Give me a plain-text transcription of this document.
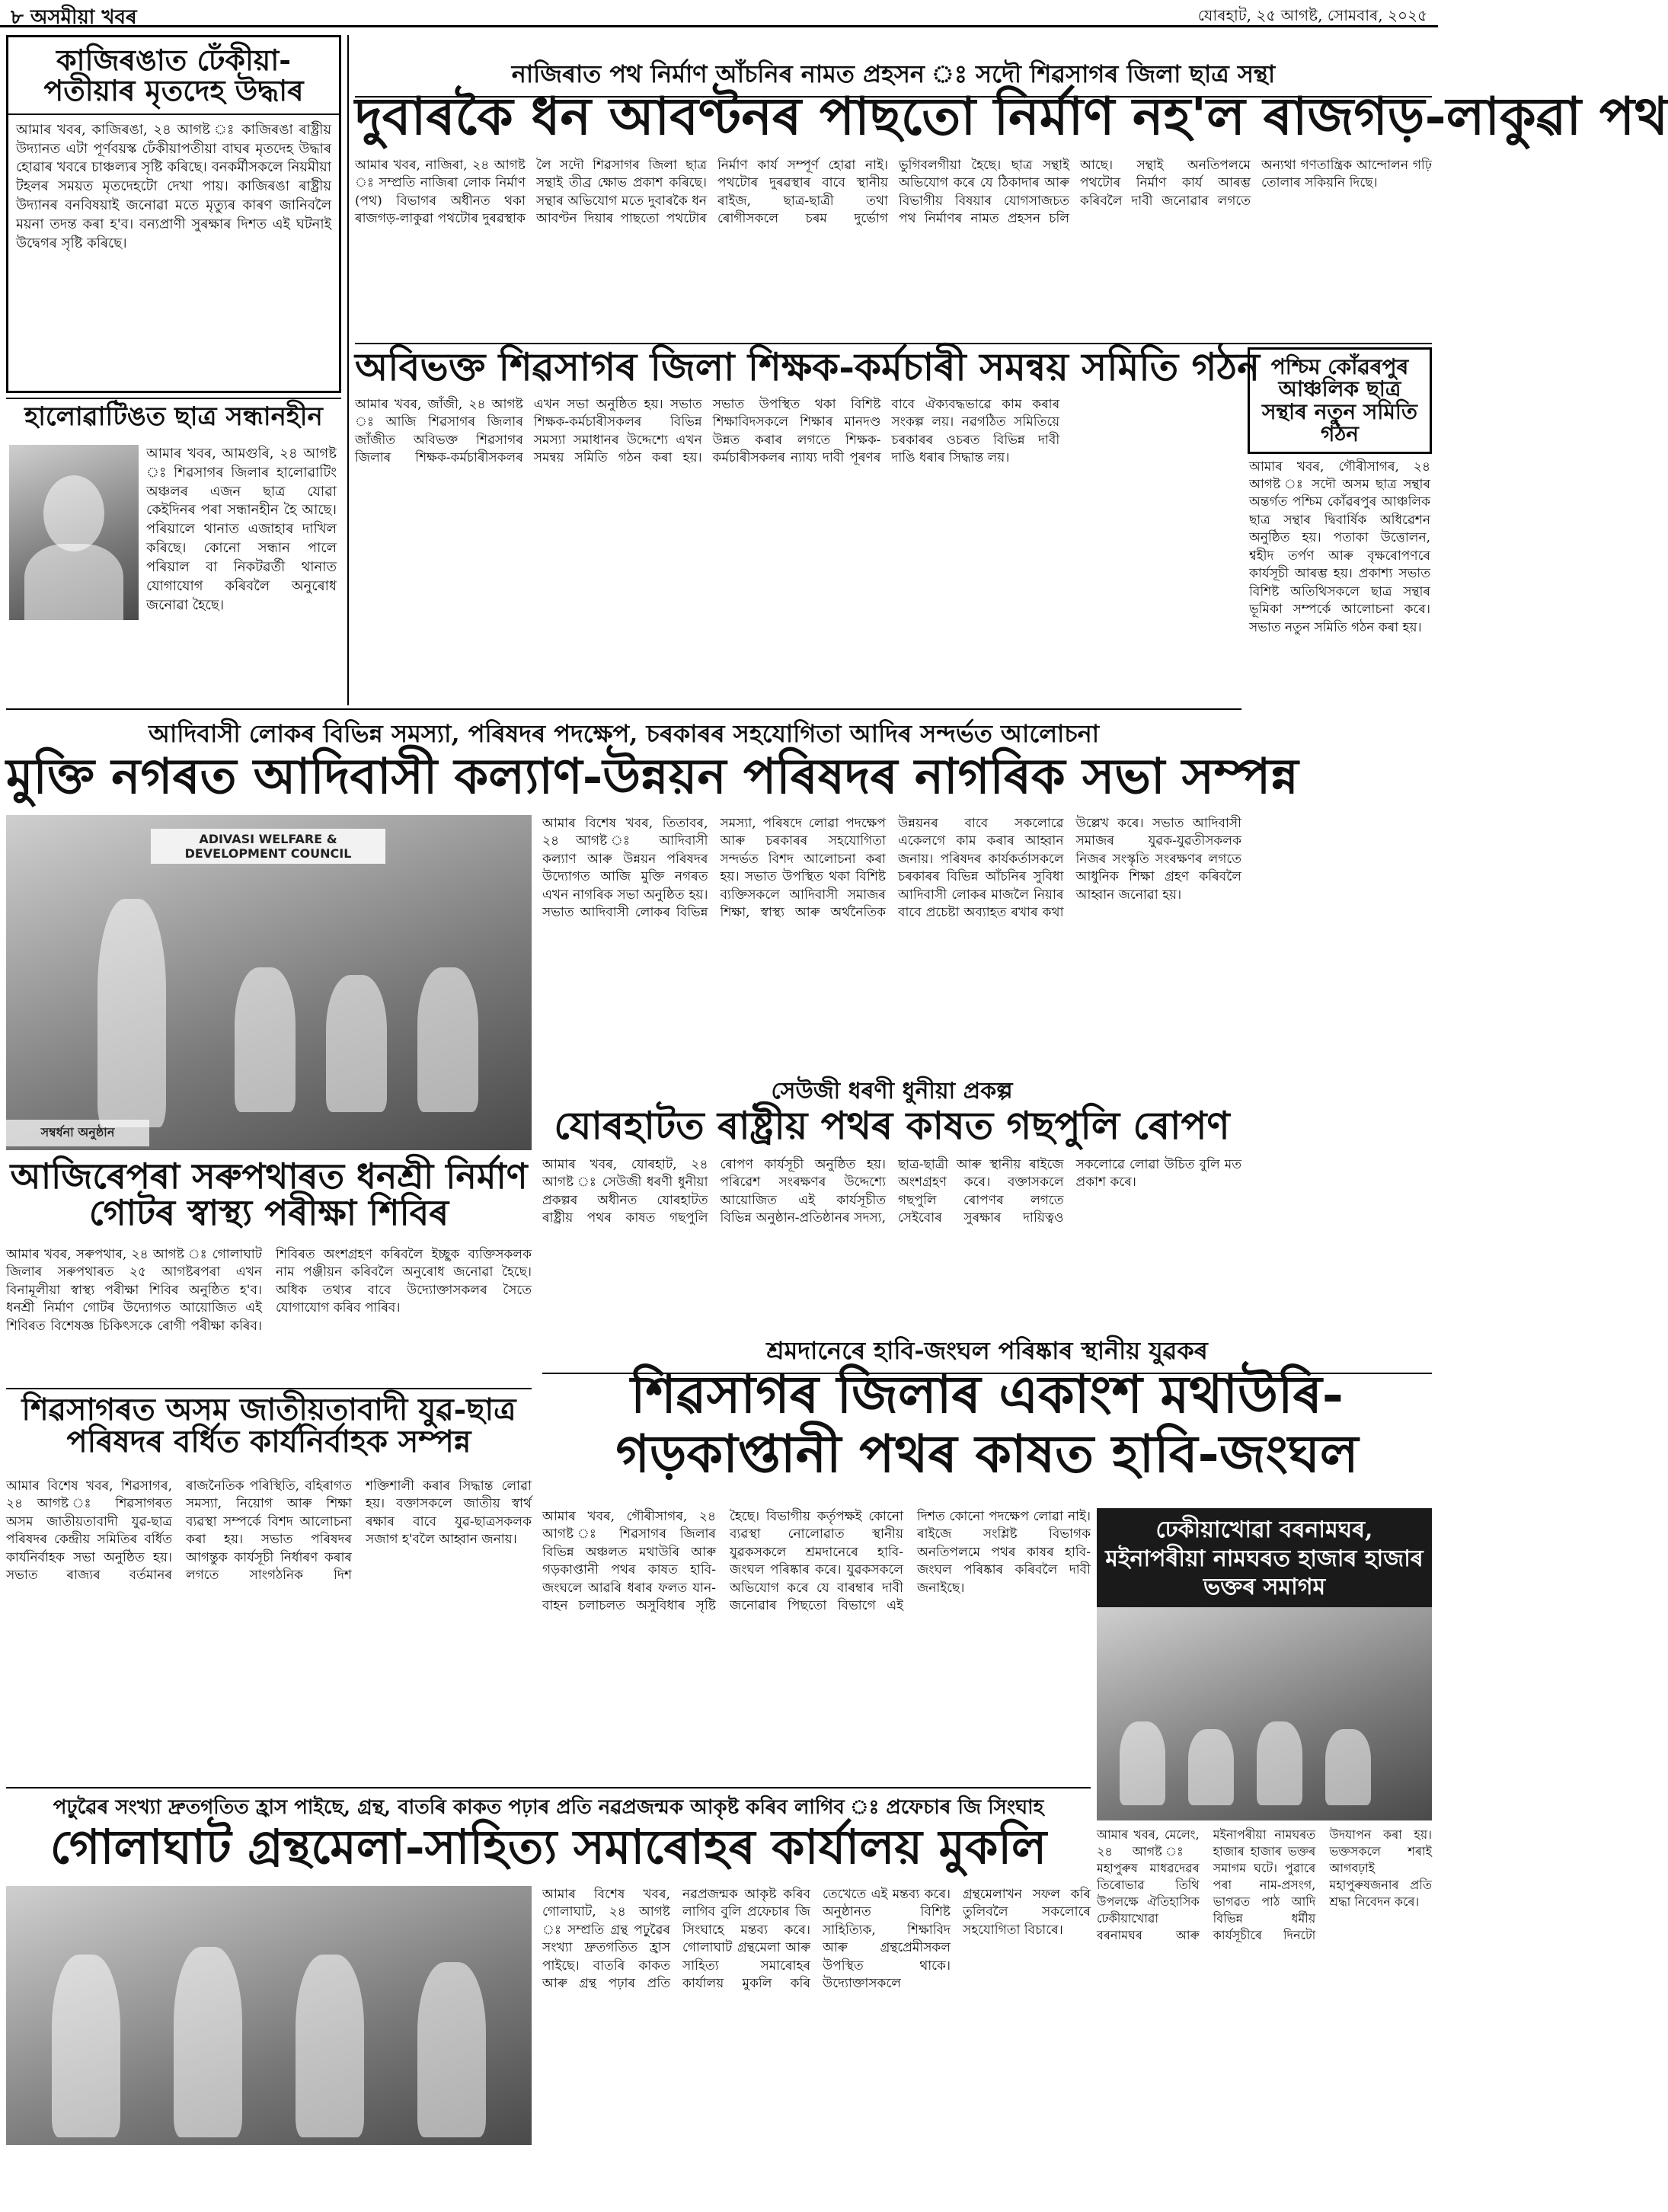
৮ অসমীয়া খবৰ	যোৰহাট, ২৫ আগষ্ট, সোমবাৰ, ২০২৫
কাজিৰঙাত ঢেঁকীয়া-পতীয়াৰ মৃতদেহ উদ্ধাৰ
আমাৰ খবৰ, কাজিৰঙা, ২৪ আগষ্ট ঃ কাজিৰঙা ৰাষ্ট্ৰীয় উদ্যানত এটা পূৰ্ণবয়স্ক ঢেঁকীয়াপতীয়া বাঘৰ মৃতদেহ উদ্ধাৰ হোৱাৰ খবৰে চাঞ্চল্যৰ সৃষ্টি কৰিছে। বনকৰ্মীসকলে নিয়মীয়া টহলৰ সময়ত মৃতদেহটো দেখা পায়। কাজিৰঙা ৰাষ্ট্ৰীয় উদ্যানৰ বনবিষয়াই জনোৱা মতে মৃত্যুৰ কাৰণ জানিবলৈ ময়না তদন্ত কৰা হ'ব। বন্যপ্ৰাণী সুৰক্ষাৰ দিশত এই ঘটনাই উদ্বেগৰ সৃষ্টি কৰিছে।
হালোৱাটিঙত ছাত্ৰ সন্ধানহীন
আমাৰ খবৰ, আমগুৰি, ২৪ আগষ্ট ঃ শিৱসাগৰ জিলাৰ হালোৱাটিং অঞ্চলৰ এজন ছাত্ৰ যোৱা কেইদিনৰ পৰা সন্ধানহীন হৈ আছে। পৰিয়ালে থানাত এজাহাৰ দাখিল কৰিছে। কোনো সন্ধান পালে পৰিয়াল বা নিকটৱৰ্তী থানাত যোগাযোগ কৰিবলৈ অনুৰোধ জনোৱা হৈছে।
নাজিৰাত পথ নিৰ্মাণ আঁচনিৰ নামত প্ৰহসন ঃ সদৌ শিৱসাগৰ জিলা ছাত্ৰ সন্থা
দুবাৰকৈ ধন আবণ্টনৰ পাছতো নিৰ্মাণ নহ'ল ৰাজগড়-লাকুৱা পথ
আমাৰ খবৰ, নাজিৰা, ২৪ আগষ্ট ঃ সম্প্ৰতি নাজিৰা লোক নিৰ্মাণ (পথ) বিভাগৰ অধীনত থকা ৰাজগড়-লাকুৱা পথটোৰ দুৰৱস্থাক লৈ সদৌ শিৱসাগৰ জিলা ছাত্ৰ সন্থাই তীব্ৰ ক্ষোভ প্ৰকাশ কৰিছে। সন্থাৰ অভিযোগ মতে দুবাৰকৈ ধন আবণ্টন দিয়াৰ পাছতো পথটোৰ নিৰ্মাণ কাৰ্য সম্পূৰ্ণ হোৱা নাই। পথটোৰ দুৰৱস্থাৰ বাবে স্থানীয় ৰাইজ, ছাত্ৰ-ছাত্ৰী তথা ৰোগীসকলে চৰম দুৰ্ভোগ ভুগিবলগীয়া হৈছে। ছাত্ৰ সন্থাই অভিযোগ কৰে যে ঠিকাদাৰ আৰু বিভাগীয় বিষয়াৰ যোগসাজচত পথ নিৰ্মাণৰ নামত প্ৰহসন চলি আছে। সন্থাই অনতিপলমে পথটোৰ নিৰ্মাণ কাৰ্য আৰম্ভ কৰিবলৈ দাবী জনোৱাৰ লগতে অন্যথা গণতান্ত্ৰিক আন্দোলন গঢ়ি তোলাৰ সকিয়নি দিছে।
অবিভক্ত শিৱসাগৰ জিলা শিক্ষক-কৰ্মচাৰী সমন্বয় সমিতি গঠন
আমাৰ খবৰ, জাঁজী, ২৪ আগষ্ট ঃ আজি শিৱসাগৰ জিলাৰ জাঁজীত অবিভক্ত শিৱসাগৰ জিলাৰ শিক্ষক-কৰ্মচাৰীসকলৰ এখন সভা অনুষ্ঠিত হয়। সভাত শিক্ষক-কৰ্মচাৰীসকলৰ বিভিন্ন সমস্যা সমাধানৰ উদ্দেশ্যে এখন সমন্বয় সমিতি গঠন কৰা হয়। সভাত উপস্থিত থকা বিশিষ্ট শিক্ষাবিদসকলে শিক্ষাৰ মানদণ্ড উন্নত কৰাৰ লগতে শিক্ষক-কৰ্মচাৰীসকলৰ ন্যায্য দাবী পূৰণৰ বাবে ঐক্যবদ্ধভাৱে কাম কৰাৰ সংকল্প লয়। নৱগঠিত সমিতিয়ে চৰকাৰৰ ওচৰত বিভিন্ন দাবী দাঙি ধৰাৰ সিদ্ধান্ত লয়।
পশ্চিম কোঁৱৰপুৰ আঞ্চলিক ছাত্ৰ সন্থাৰ নতুন সমিতি গঠন
আমাৰ খবৰ, গৌৰীসাগৰ, ২৪ আগষ্ট ঃ সদৌ অসম ছাত্ৰ সন্থাৰ অন্তৰ্গত পশ্চিম কোঁৱৰপুৰ আঞ্চলিক ছাত্ৰ সন্থাৰ দ্বিবাৰ্ষিক অধিৱেশন অনুষ্ঠিত হয়। পতাকা উত্তোলন, শ্বহীদ তৰ্পণ আৰু বৃক্ষৰোপণৰে কাৰ্যসূচী আৰম্ভ হয়। প্ৰকাশ্য সভাত বিশিষ্ট অতিথিসকলে ছাত্ৰ সন্থাৰ ভূমিকা সম্পৰ্কে আলোচনা কৰে। সভাত নতুন সমিতি গঠন কৰা হয়।
আদিবাসী লোকৰ বিভিন্ন সমস্যা, পৰিষদৰ পদক্ষেপ, চৰকাৰৰ সহযোগিতা আদিৰ সন্দৰ্ভত আলোচনা
মুক্তি নগৰত আদিবাসী কল্যাণ-উন্নয়ন পৰিষদৰ নাগৰিক সভা সম্পন্ন
ADIVASI WELFARE & DEVELOPMENT COUNCIL
সম্বৰ্ধনা অনুষ্ঠান
আমাৰ বিশেষ খবৰ, তিতাবৰ, ২৪ আগষ্ট ঃ আদিবাসী কল্যাণ আৰু উন্নয়ন পৰিষদৰ উদ্যোগত আজি মুক্তি নগৰত এখন নাগৰিক সভা অনুষ্ঠিত হয়। সভাত আদিবাসী লোকৰ বিভিন্ন সমস্যা, পৰিষদে লোৱা পদক্ষেপ আৰু চৰকাৰৰ সহযোগিতা সন্দৰ্ভত বিশদ আলোচনা কৰা হয়। সভাত উপস্থিত থকা বিশিষ্ট ব্যক্তিসকলে আদিবাসী সমাজৰ শিক্ষা, স্বাস্থ্য আৰু অৰ্থনৈতিক উন্নয়নৰ বাবে সকলোৱে একেলগে কাম কৰাৰ আহ্বান জনায়। পৰিষদৰ কাৰ্যকৰ্তাসকলে চৰকাৰৰ বিভিন্ন আঁচনিৰ সুবিধা আদিবাসী লোকৰ মাজলৈ নিয়াৰ বাবে প্ৰচেষ্টা অব্যাহত ৰখাৰ কথা উল্লেখ কৰে। সভাত আদিবাসী সমাজৰ যুৱক-যুৱতীসকলক নিজৰ সংস্কৃতি সংৰক্ষণৰ লগতে আধুনিক শিক্ষা গ্ৰহণ কৰিবলৈ আহ্বান জনোৱা হয়।
সেউজী ধৰণী ধুনীয়া প্ৰকল্প
যোৰহাটত ৰাষ্ট্ৰীয় পথৰ কাষত গছপুলি ৰোপণ
আমাৰ খবৰ, যোৰহাট, ২৪ আগষ্ট ঃ সেউজী ধৰণী ধুনীয়া প্ৰকল্পৰ অধীনত যোৰহাটত ৰাষ্ট্ৰীয় পথৰ কাষত গছপুলি ৰোপণ কাৰ্যসূচী অনুষ্ঠিত হয়। পৰিৱেশ সংৰক্ষণৰ উদ্দেশ্যে আয়োজিত এই কাৰ্যসূচীত বিভিন্ন অনুষ্ঠান-প্ৰতিষ্ঠানৰ সদস্য, ছাত্ৰ-ছাত্ৰী আৰু স্থানীয় ৰাইজে অংশগ্ৰহণ কৰে। বক্তাসকলে গছপুলি ৰোপণৰ লগতে সেইবোৰ সুৰক্ষাৰ দায়িত্বও সকলোৱে লোৱা উচিত বুলি মত প্ৰকাশ কৰে।
আজিৰেপৰা সৰুপথাৰত ধনশ্ৰী নিৰ্মাণ গোটৰ স্বাস্থ্য পৰীক্ষা শিবিৰ
আমাৰ খবৰ, সৰুপথাৰ, ২৪ আগষ্ট ঃ গোলাঘাট জিলাৰ সৰুপথাৰত ২৫ আগষ্টৰপৰা এখন বিনামূলীয়া স্বাস্থ্য পৰীক্ষা শিবিৰ অনুষ্ঠিত হ'ব। ধনশ্ৰী নিৰ্মাণ গোটৰ উদ্যোগত আয়োজিত এই শিবিৰত বিশেষজ্ঞ চিকিৎসকে ৰোগী পৰীক্ষা কৰিব। শিবিৰত অংশগ্ৰহণ কৰিবলৈ ইচ্ছুক ব্যক্তিসকলক নাম পঞ্জীয়ন কৰিবলৈ অনুৰোধ জনোৱা হৈছে। অধিক তথ্যৰ বাবে উদ্যোক্তাসকলৰ সৈতে যোগাযোগ কৰিব পাৰিব।
শিৱসাগৰত অসম জাতীয়তাবাদী যুৱ-ছাত্ৰ পৰিষদৰ বৰ্ধিত কাৰ্যনিৰ্বাহক সম্পন্ন
আমাৰ বিশেষ খবৰ, শিৱসাগৰ, ২৪ আগষ্ট ঃ শিৱসাগৰত অসম জাতীয়তাবাদী যুৱ-ছাত্ৰ পৰিষদৰ কেন্দ্ৰীয় সমিতিৰ বৰ্ধিত কাৰ্যনিৰ্বাহক সভা অনুষ্ঠিত হয়। সভাত ৰাজ্যৰ বৰ্তমানৰ ৰাজনৈতিক পৰিস্থিতি, বহিৰাগত সমস্যা, নিয়োগ আৰু শিক্ষা ব্যৱস্থা সম্পৰ্কে বিশদ আলোচনা কৰা হয়। সভাত পৰিষদৰ আগন্তুক কাৰ্যসূচী নিৰ্ধাৰণ কৰাৰ লগতে সাংগঠনিক দিশ শক্তিশালী কৰাৰ সিদ্ধান্ত লোৱা হয়। বক্তাসকলে জাতীয় স্বাৰ্থ ৰক্ষাৰ বাবে যুৱ-ছাত্ৰসকলক সজাগ হ'বলৈ আহ্বান জনায়।
শ্ৰমদানেৰে হাবি-জংঘল পৰিষ্কাৰ স্থানীয় যুৱকৰ
শিৱসাগৰ জিলাৰ একাংশ মথাউৰি-
গড়কাপ্তানী পথৰ কাষত হাবি-জংঘল
আমাৰ খবৰ, গৌৰীসাগৰ, ২৪ আগষ্ট ঃ শিৱসাগৰ জিলাৰ বিভিন্ন অঞ্চলত মথাউৰি আৰু গড়কাপ্তানী পথৰ কাষত হাবি-জংঘলে আৱৰি ধৰাৰ ফলত যান-বাহন চলাচলত অসুবিধাৰ সৃষ্টি হৈছে। বিভাগীয় কৰ্তৃপক্ষই কোনো ব্যৱস্থা নোলোৱাত স্থানীয় যুৱকসকলে শ্ৰমদানেৰে হাবি-জংঘল পৰিষ্কাৰ কৰে। যুৱকসকলে অভিযোগ কৰে যে বাৰম্বাৰ দাবী জনোৱাৰ পিছতো বিভাগে এই দিশত কোনো পদক্ষেপ লোৱা নাই। ৰাইজে সংশ্লিষ্ট বিভাগক অনতিপলমে পথৰ কাষৰ হাবি-জংঘল পৰিষ্কাৰ কৰিবলৈ দাবী জনাইছে।
ঢেকীয়াখোৱা বৰনামঘৰ, মইনাপৰীয়া নামঘৰত হাজাৰ হাজাৰ ভক্তৰ সমাগম
আমাৰ খবৰ, মেলেং, ২৪ আগষ্ট ঃ মহাপুৰুষ মাধৱদেৱৰ তিৰোভাৱ তিথি উপলক্ষে ঐতিহাসিক ঢেকীয়াখোৱা বৰনামঘৰ আৰু মইনাপৰীয়া নামঘৰত হাজাৰ হাজাৰ ভক্তৰ সমাগম ঘটে। পুৱাৰে পৰা নাম-প্ৰসংগ, ভাগৱত পাঠ আদি বিভিন্ন ধৰ্মীয় কাৰ্যসূচীৰে দিনটো উদযাপন কৰা হয়। ভক্তসকলে শৰাই আগবঢ়াই মহাপুৰুষজনাৰ প্ৰতি শ্ৰদ্ধা নিবেদন কৰে।
পঢ়ুৱৈৰ সংখ্যা দ্ৰুতগতিত হ্ৰাস পাইছে, গ্ৰন্থ, বাতৰি কাকত পঢ়াৰ প্ৰতি নৱপ্ৰজন্মক আকৃষ্ট কৰিব লাগিব ঃ প্ৰফেচাৰ জি সিংঘাহ
গোলাঘাট গ্ৰন্থমেলা-সাহিত্য সমাৰোহৰ কাৰ্যালয় মুকলি
আমাৰ বিশেষ খবৰ, গোলাঘাট, ২৪ আগষ্ট ঃ সম্প্ৰতি গ্ৰন্থ পঢ়ুৱৈৰ সংখ্যা দ্ৰুতগতিত হ্ৰাস পাইছে। বাতৰি কাকত আৰু গ্ৰন্থ পঢ়াৰ প্ৰতি নৱপ্ৰজন্মক আকৃষ্ট কৰিব লাগিব বুলি প্ৰফেচাৰ জি সিংঘাহে মন্তব্য কৰে। গোলাঘাট গ্ৰন্থমেলা আৰু সাহিত্য সমাৰোহৰ কাৰ্যালয় মুকলি কৰি তেখেতে এই মন্তব্য কৰে। অনুষ্ঠানত বিশিষ্ট সাহিত্যিক, শিক্ষাবিদ আৰু গ্ৰন্থপ্ৰেমীসকল উপস্থিত থাকে। উদ্যোক্তাসকলে গ্ৰন্থমেলাখন সফল কৰি তুলিবলৈ সকলোৰে সহযোগিতা বিচাৰে।
